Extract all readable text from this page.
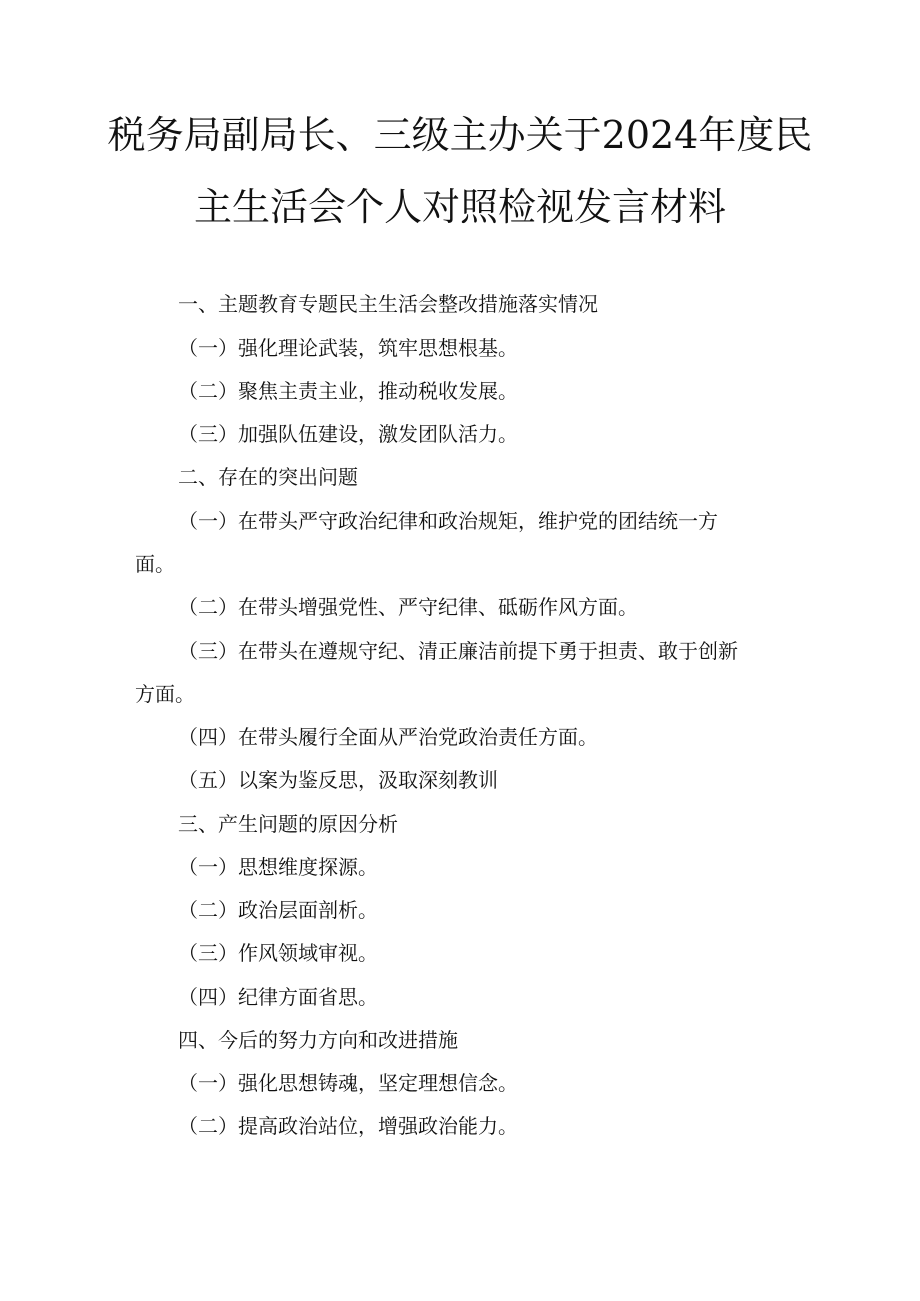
税务局副局长、三级主办关于2024年度民
主生活会个人对照检视发言材料
一、主题教育专题民主生活会整改措施落实情况
（一）强化理论武装，筑牢思想根基。
（二）聚焦主责主业，推动税收发展。
（三）加强队伍建设，激发团队活力。
二、存在的突出问题
（一）在带头严守政治纪律和政治规矩，维护党的团结统一方
面。
（二）在带头增强党性、严守纪律、砥砺作风方面。
（三）在带头在遵规守纪、清正廉洁前提下勇于担责、敢于创新
方面。
（四）在带头履行全面从严治党政治责任方面。
（五）以案为鉴反思，汲取深刻教训
三、产生问题的原因分析
（一）思想维度探源。
（二）政治层面剖析。
（三）作风领域审视。
（四）纪律方面省思。
四、今后的努力方向和改进措施
（一）强化思想铸魂，坚定理想信念。
（二）提高政治站位，增强政治能力。
